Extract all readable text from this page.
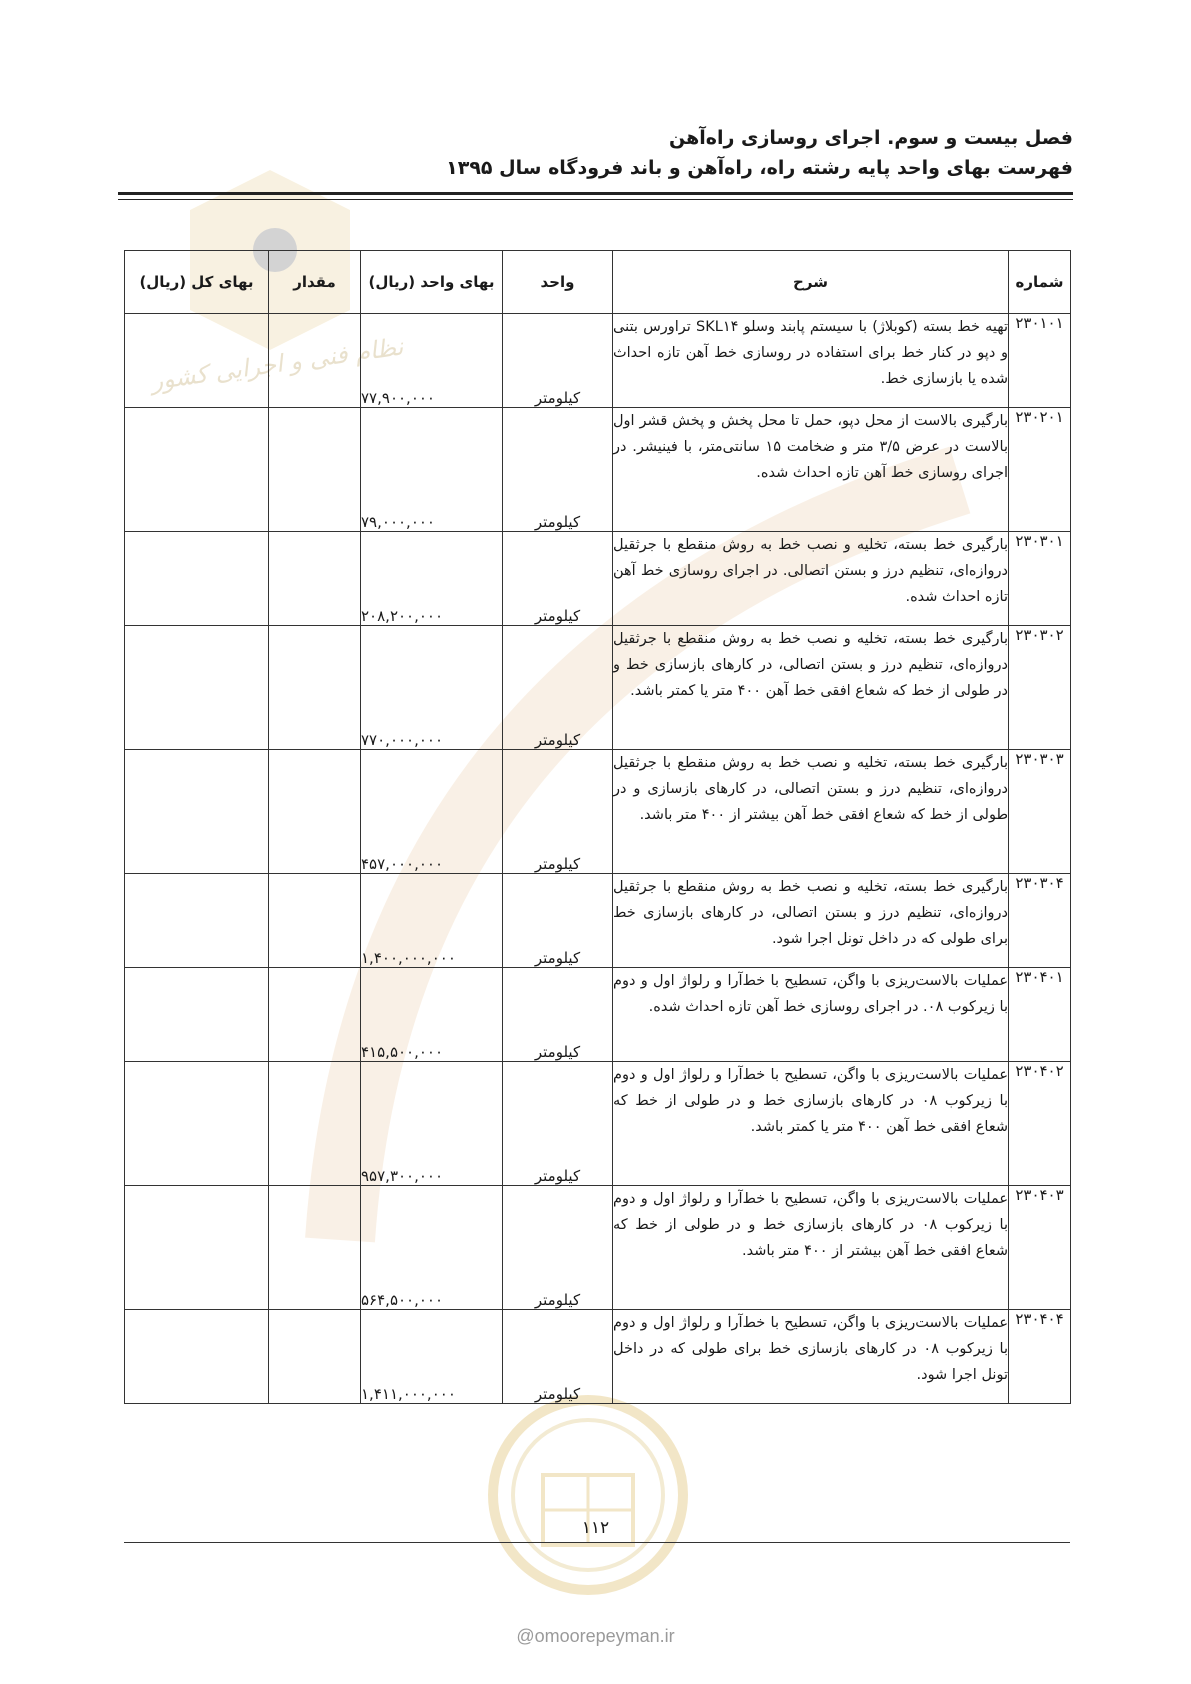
نظام فنی و اجرایی کشور
فصل بیست و سوم. اجرای روسازی راه‌آهن
فهرست بهای واحد پایه رشته راه، راه‌آهن و باند فرودگاه سال ۱۳۹۵
شماره	شرح	واحد	بهای واحد (ریال)	مقدار	بهای کل (ریال)
۲۳۰۱۰۱	تهیه خط بسته (کوبلاژ) با سیستم پابند وسلو SKL۱۴ تراورس بتنی و دپو در کنار خط برای استفاده در روسازی خط آهن تازه احداث شده یا بازسازی خط.	کیلومتر	۷۷,۹۰۰,۰۰۰		
۲۳۰۲۰۱	بارگیری بالاست از محل دپو، حمل تا محل پخش و پخش قشر اول بالاست در عرض ۳/۵ متر و ضخامت ۱۵ سانتی‌متر، با فینیشر. در اجرای روسازی خط آهن تازه احداث شده.	کیلومتر	۷۹,۰۰۰,۰۰۰		
۲۳۰۳۰۱	بارگیری خط بسته، تخلیه و نصب خط به روش منقطع با جرثقیل دروازه‌ای، تنظیم درز و بستن اتصالی. در اجرای روسازی خط آهن تازه احداث شده.	کیلومتر	۲۰۸,۲۰۰,۰۰۰		
۲۳۰۳۰۲	بارگیری خط بسته، تخلیه و نصب خط به روش منقطع با جرثقیل دروازه‌ای، تنظیم درز و بستن اتصالی، در کارهای بازسازی خط و در طولی از خط که شعاع افقی خط آهن ۴۰۰ متر یا کمتر باشد.	کیلومتر	۷۷۰,۰۰۰,۰۰۰		
۲۳۰۳۰۳	بارگیری خط بسته، تخلیه و نصب خط به روش منقطع با جرثقیل دروازه‌ای، تنظیم درز و بستن اتصالی، در کارهای بازسازی و در طولی از خط که شعاع افقی خط آهن بیشتر از ۴۰۰ متر باشد.	کیلومتر	۴۵۷,۰۰۰,۰۰۰		
۲۳۰۳۰۴	بارگیری خط بسته، تخلیه و نصب خط به روش منقطع با جرثقیل دروازه‌ای، تنظیم درز و بستن اتصالی، در کارهای بازسازی خط برای طولی که در داخل تونل اجرا شود.	کیلومتر	۱,۴۰۰,۰۰۰,۰۰۰		
۲۳۰۴۰۱	عملیات بالاست‌ریزی با واگن، تسطیح با خط‌آرا و رلواژ اول و دوم با زیرکوب ۰۸. در اجرای روسازی خط آهن تازه احداث شده.	کیلومتر	۴۱۵,۵۰۰,۰۰۰		
۲۳۰۴۰۲	عملیات بالاست‌ریزی با واگن، تسطیح با خط‌آرا و رلواژ اول و دوم با زیرکوب ۰۸ در کارهای بازسازی خط و در طولی از خط که شعاع افقی خط آهن ۴۰۰ متر یا کمتر باشد.	کیلومتر	۹۵۷,۳۰۰,۰۰۰		
۲۳۰۴۰۳	عملیات بالاست‌ریزی با واگن، تسطیح با خط‌آرا و رلواژ اول و دوم با زیرکوب ۰۸ در کارهای بازسازی خط و در طولی از خط که شعاع افقی خط آهن بیشتر از ۴۰۰ متر باشد.	کیلومتر	۵۶۴,۵۰۰,۰۰۰		
۲۳۰۴۰۴	عملیات بالاست‌ریزی با واگن، تسطیح با خط‌آرا و رلواژ اول و دوم با زیرکوب ۰۸ در کارهای بازسازی خط برای طولی که در داخل تونل اجرا شود.	کیلومتر	۱,۴۱۱,۰۰۰,۰۰۰		
۱۱۲
@omoorepeyman.ir
